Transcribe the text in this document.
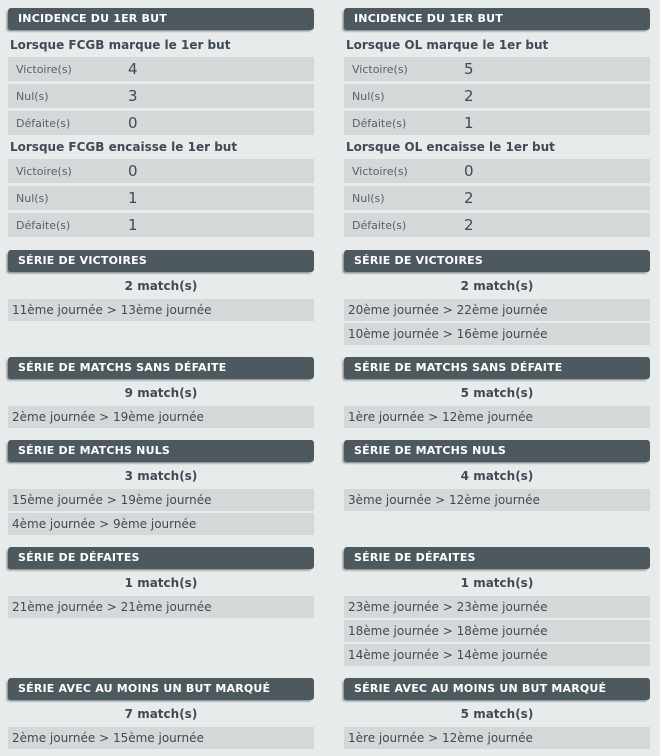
INCIDENCE DU 1ER BUT
Lorsque FCGB marque le 1er but
Victoire(s)	4
Nul(s)	3
Défaite(s)	0
Lorsque FCGB encaisse le 1er but
Victoire(s)	0
Nul(s)	1
Défaite(s)	1
INCIDENCE DU 1ER BUT
Lorsque OL marque le 1er but
Victoire(s)	5
Nul(s)	2
Défaite(s)	1
Lorsque OL encaisse le 1er but
Victoire(s)	0
Nul(s)	2
Défaite(s)	2
SÉRIE DE VICTOIRES
2 match(s)
11ème journée > 13ème journée
SÉRIE DE VICTOIRES
2 match(s)
20ème journée > 22ème journée
10ème journée > 16ème journée
SÉRIE DE MATCHS SANS DÉFAITE
9 match(s)
2ème journée > 19ème journée
SÉRIE DE MATCHS SANS DÉFAITE
5 match(s)
1ère journée > 12ème journée
SÉRIE DE MATCHS NULS
3 match(s)
15ème journée > 19ème journée
4ème journée > 9ème journée
SÉRIE DE MATCHS NULS
4 match(s)
3ème journée > 12ème journée
SÉRIE DE DÉFAITES
1 match(s)
21ème journée > 21ème journée
SÉRIE DE DÉFAITES
1 match(s)
23ème journée > 23ème journée
18ème journée > 18ème journée
14ème journée > 14ème journée
SÉRIE AVEC AU MOINS UN BUT MARQUÉ
7 match(s)
2ème journée > 15ème journée
SÉRIE AVEC AU MOINS UN BUT MARQUÉ
5 match(s)
1ère journée > 12ème journée
